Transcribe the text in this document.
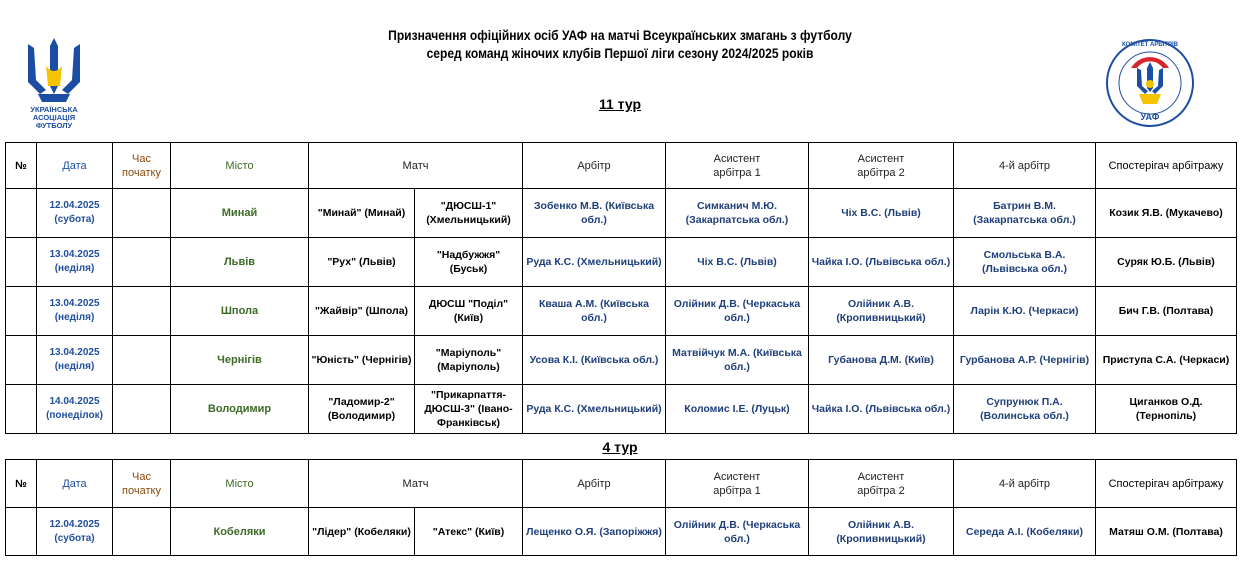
УКРАЇНСЬКА
АСОЦІАЦІЯ
ФУТБОЛУ
Призначення офіційних осіб УАФ на матчі Всеукраїнських змагань з футболу
серед команд жіночих клубів Першої ліги сезону 2024/2025 років	КОМІТЕТ АРБІТРІВ
УАФ
11 тур
№	Дата	Час початку	Місто	Матч		Арбітр	Асистент
арбітра 1	Асистент
арбітра 2	4-й арбітр	Спостерігач арбітражу
	12.04.2025
(субота)		Минай	"Минай" (Минай)	"ДЮСШ-1" (Хмельницький)	Зобенко М.В. (Київська обл.)	Симканич М.Ю. (Закарпатська обл.)	Чіх В.С. (Львів)	Батрин В.М. (Закарпатська обл.)	Козик Я.В. (Мукачево)
	13.04.2025
(неділя)		Львів	"Рух" (Львів)	"Надбужжя" (Буськ)	Руда К.С. (Хмельницький)	Чіх В.С. (Львів)	Чайка І.О. (Львівська обл.)	Смольська В.А. (Львівська обл.)	Суряк Ю.Б. (Львів)
	13.04.2025
(неділя)		Шпола	"Жайвір" (Шпола)	ДЮСШ "Поділ" (Київ)	Кваша А.М. (Київська обл.)	Олійник Д.В. (Черкаська обл.)	Олійник А.В. (Кропивницький)	Ларін К.Ю. (Черкаси)	Бич Г.В. (Полтава)
	13.04.2025
(неділя)		Чернігів	"Юність" (Чернігів)	"Маріуполь" (Маріуполь)	Усова К.І. (Київська обл.)	Матвійчук М.А. (Київська обл.)	Губанова Д.М. (Київ)	Гурбанова А.Р. (Чернігів)	Приступа С.А. (Черкаси)
	14.04.2025
(понеділок)		Володимир	"Ладомир-2" (Володимир)	"Прикарпаття-ДЮСШ-3" (Івано-Франківськ)	Руда К.С. (Хмельницький)	Коломис І.Е. (Луцьк)	Чайка І.О. (Львівська обл.)	Супрунюк П.А. (Волинська обл.)	Циганков О.Д. (Тернопіль)
4 тур
№	Дата	Час початку	Місто	Матч		Арбітр	Асистент
арбітра 1	Асистент
арбітра 2	4-й арбітр	Спостерігач арбітражу
	12.04.2025
(субота)		Кобеляки	"Лідер" (Кобеляки)	"Атекс" (Київ)	Лещенко О.Я. (Запоріжжя)	Олійник Д.В. (Черкаська обл.)	Олійник А.В. (Кропивницький)	Середа А.І. (Кобеляки)	Матяш О.М. (Полтава)
